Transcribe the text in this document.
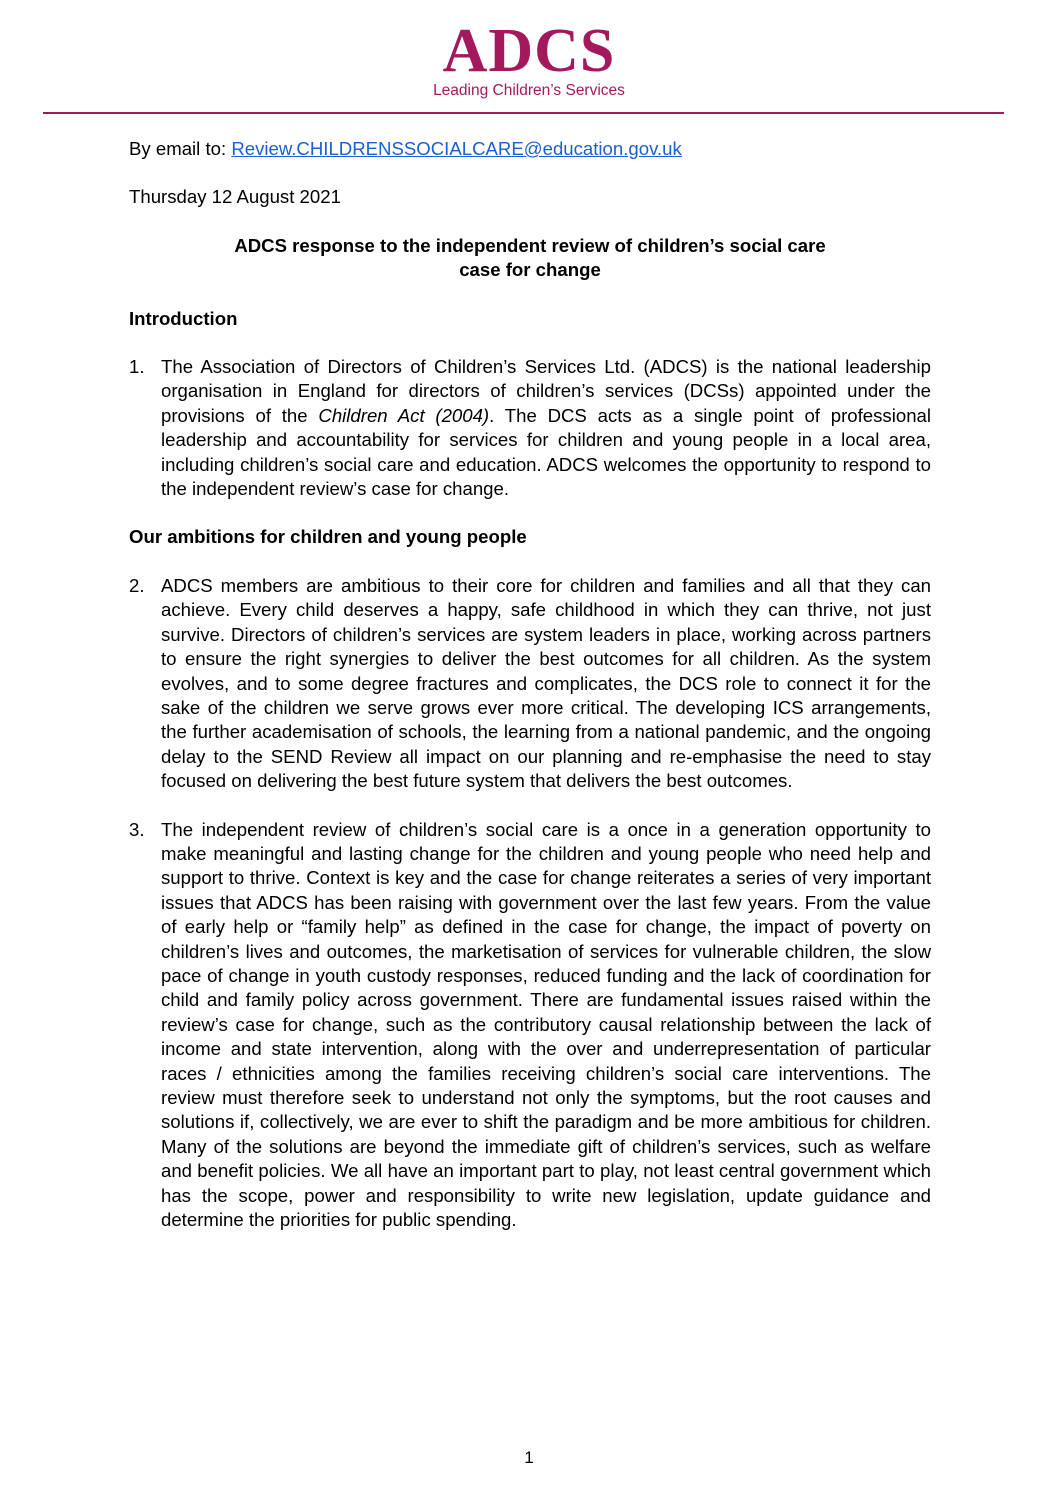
ADCS
Leading Children’s Services

By email to: Review.CHILDRENSSOCIALCARE@education.gov.uk

Thursday 12 August 2021

ADCS response to the independent review of children’s social care
case for change

Introduction

1. The Association of Directors of Children’s Services Ltd. (ADCS) is the national leadership organisation in England for directors of children’s services (DCSs) appointed under the provisions of the Children Act (2004). The DCS acts as a single point of professional leadership and accountability for services for children and young people in a local area, including children’s social care and education. ADCS welcomes the opportunity to respond to the independent review’s case for change.

Our ambitions for children and young people

2. ADCS members are ambitious to their core for children and families and all that they can achieve. Every child deserves a happy, safe childhood in which they can thrive, not just survive. Directors of children’s services are system leaders in place, working across partners to ensure the right synergies to deliver the best outcomes for all children. As the system evolves, and to some degree fractures and complicates, the DCS role to connect it for the sake of the children we serve grows ever more critical. The developing ICS arrangements, the further academisation of schools, the learning from a national pandemic, and the ongoing delay to the SEND Review all impact on our planning and re-emphasise the need to stay focused on delivering the best future system that delivers the best outcomes.

3. The independent review of children’s social care is a once in a generation opportunity to make meaningful and lasting change for the children and young people who need help and support to thrive. Context is key and the case for change reiterates a series of very important issues that ADCS has been raising with government over the last few years. From the value of early help or “family help” as defined in the case for change, the impact of poverty on children’s lives and outcomes, the marketisation of services for vulnerable children, the slow pace of change in youth custody responses, reduced funding and the lack of coordination for child and family policy across government. There are fundamental issues raised within the review’s case for change, such as the contributory causal relationship between the lack of income and state intervention, along with the over and underrepresentation of particular races / ethnicities among the families receiving children’s social care interventions. The review must therefore seek to understand not only the symptoms, but the root causes and solutions if, collectively, we are ever to shift the paradigm and be more ambitious for children. Many of the solutions are beyond the immediate gift of children’s services, such as welfare and benefit policies. We all have an important part to play, not least central government which has the scope, power and responsibility to write new legislation, update guidance and determine the priorities for public spending.

1
